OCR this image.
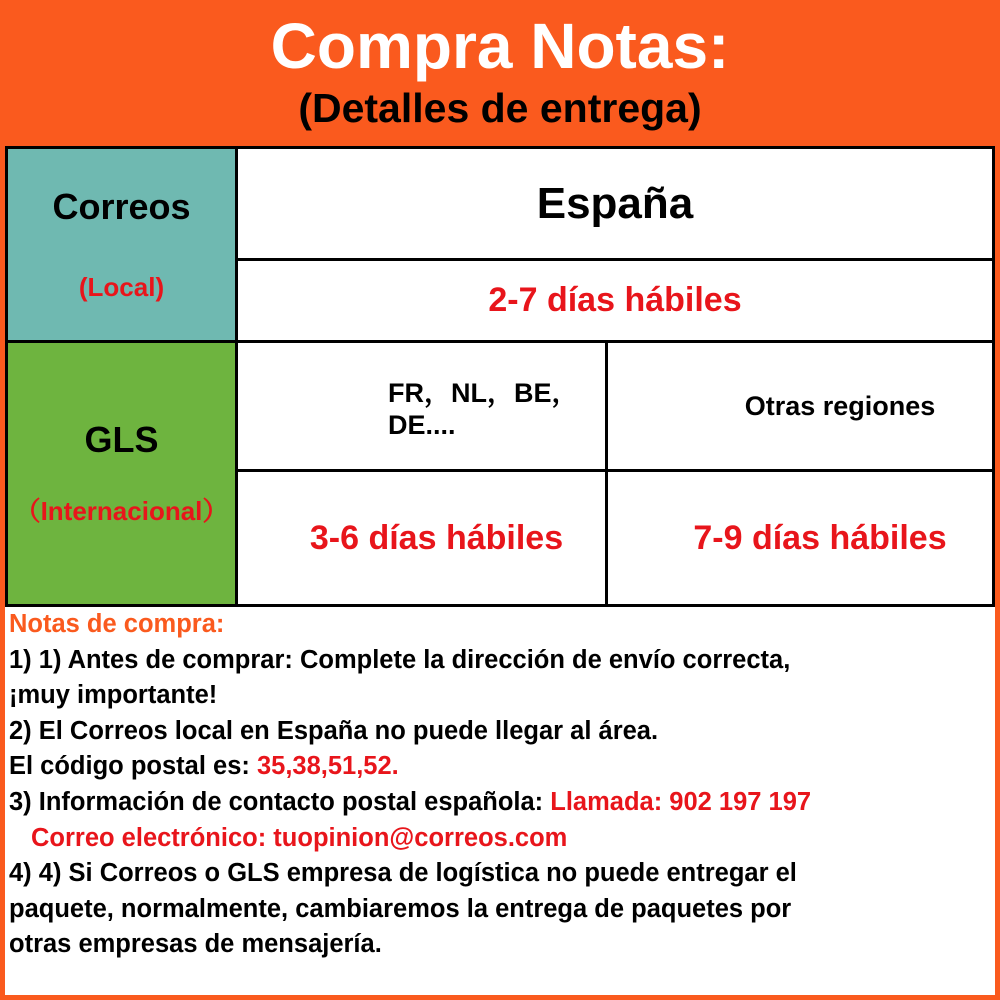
Compra Notas:
(Detalles de entrega)
Correos
(Local)
España
2-7 días hábiles
GLS
（Internacional）
FR，NL，BE，DE....
Otras regiones
3-6 días hábiles	7-9 días hábiles
Notas de compra:
1) 1) Antes de comprar: Complete la dirección de envío correcta,
¡muy importante!
2) El Correos local en España no puede llegar al área.
El código postal es: 35,38,51,52.
3) Información de contacto postal española: Llamada: 902 197 197
Correo electrónico: tuopinion@correos.com
4) 4) Si Correos o GLS empresa de logística no puede entregar el
paquete, normalmente, cambiaremos la entrega de paquetes por
otras empresas de mensajería.
